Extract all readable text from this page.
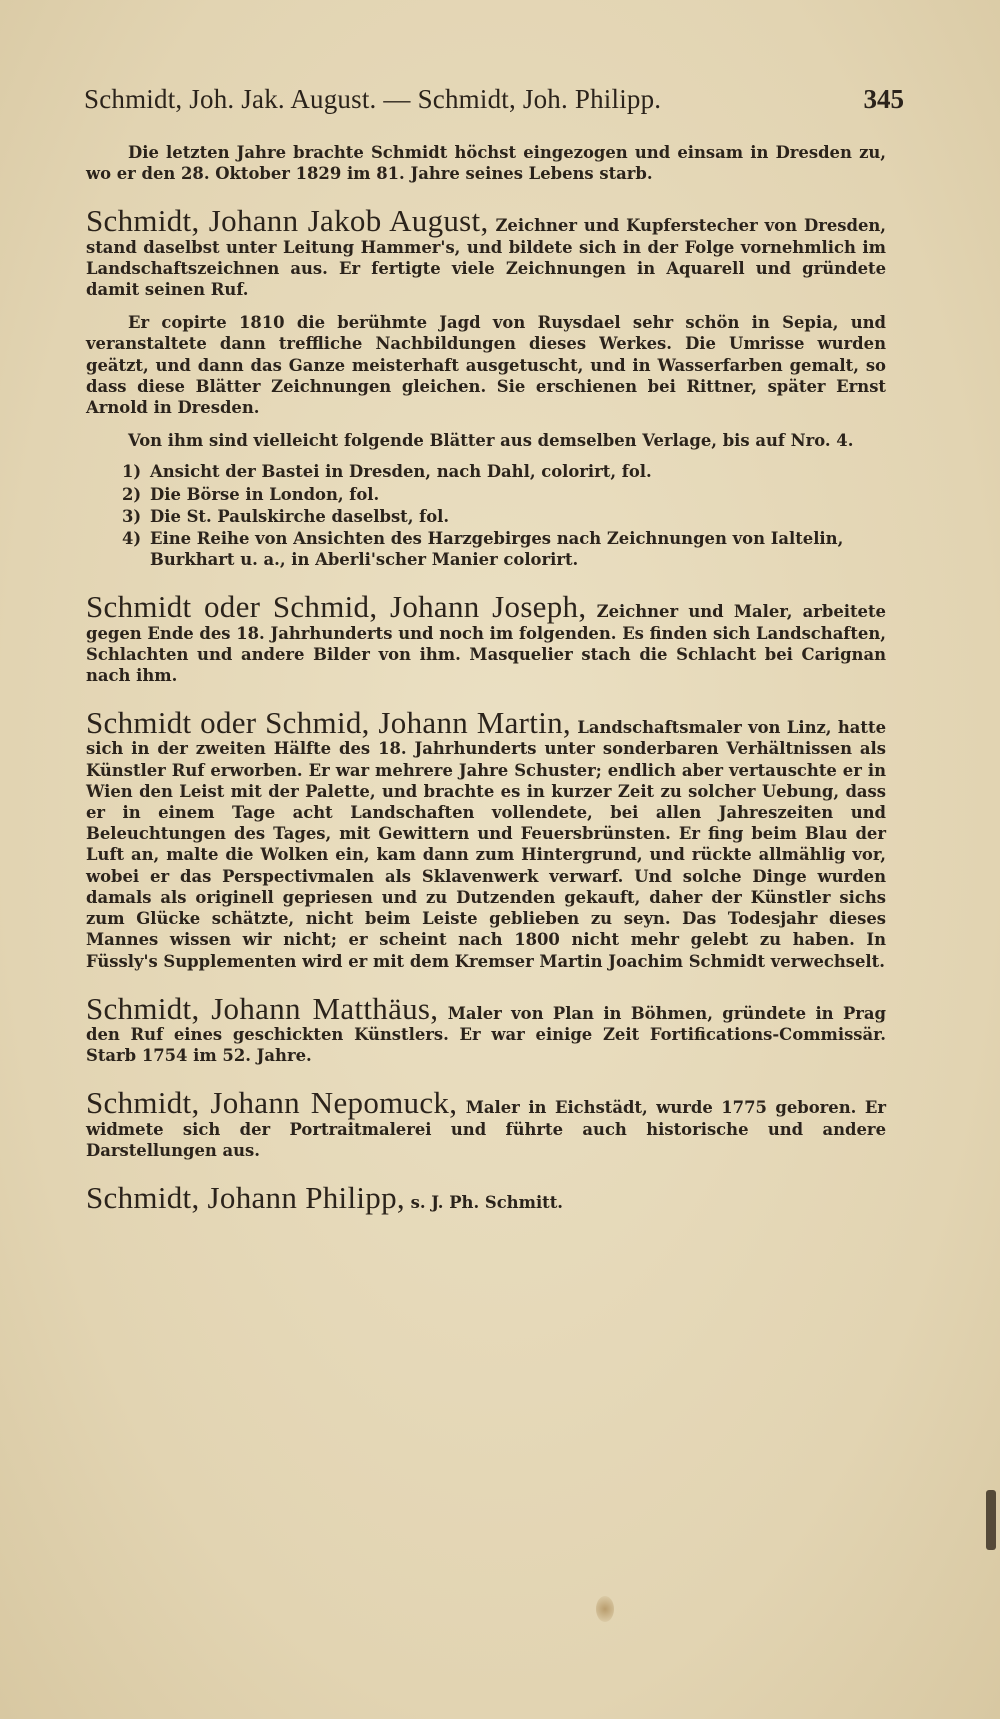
Schmidt, Joh. Jak. August. — Schmidt, Joh. Philipp.	345

Die letzten Jahre brachte Schmidt höchst eingezogen und einsam in Dresden zu, wo er den 28. Oktober 1829 im 81. Jahre seines Lebens starb.

Schmidt, Johann Jakob August, Zeichner und Kupferstecher von Dresden, stand daselbst unter Leitung Hammer's, und bildete sich in der Folge vornehmlich im Landschaftszeichnen aus. Er fertigte viele Zeichnungen in Aquarell und gründete damit seinen Ruf.

Er copirte 1810 die berühmte Jagd von Ruysdael sehr schön in Sepia, und veranstaltete dann treffliche Nachbildungen dieses Werkes. Die Umrisse wurden geätzt, und dann das Ganze meisterhaft ausgetuscht, und in Wasserfarben gemalt, so dass diese Blätter Zeichnungen gleichen. Sie erschienen bei Rittner, später Ernst Arnold in Dresden.

Von ihm sind vielleicht folgende Blätter aus demselben Verlage, bis auf Nro. 4.

1) Ansicht der Bastei in Dresden, nach Dahl, colorirt, fol.
2) Die Börse in London, fol.
3) Die St. Paulskirche daselbst, fol.
4) Eine Reihe von Ansichten des Harzgebirges nach Zeichnungen von Ialtelin, Burkhart u. a., in Aberli'scher Manier colorirt.

Schmidt oder Schmid, Johann Joseph, Zeichner und Maler, arbeitete gegen Ende des 18. Jahrhunderts und noch im folgenden. Es finden sich Landschaften, Schlachten und andere Bilder von ihm. Masquelier stach die Schlacht bei Carignan nach ihm.

Schmidt oder Schmid, Johann Martin, Landschaftsmaler von Linz, hatte sich in der zweiten Hälfte des 18. Jahrhunderts unter sonderbaren Verhältnissen als Künstler Ruf erworben. Er war mehrere Jahre Schuster; endlich aber vertauschte er in Wien den Leist mit der Palette, und brachte es in kurzer Zeit zu solcher Uebung, dass er in einem Tage acht Landschaften vollendete, bei allen Jahreszeiten und Beleuchtungen des Tages, mit Gewittern und Feuersbrünsten. Er fing beim Blau der Luft an, malte die Wolken ein, kam dann zum Hintergrund, und rückte allmählig vor, wobei er das Perspectivmalen als Sklavenwerk verwarf. Und solche Dinge wurden damals als originell gepriesen und zu Dutzenden gekauft, daher der Künstler sichs zum Glücke schätzte, nicht beim Leiste geblieben zu seyn. Das Todesjahr dieses Mannes wissen wir nicht; er scheint nach 1800 nicht mehr gelebt zu haben. In Füssly's Supplementen wird er mit dem Kremser Martin Joachim Schmidt verwechselt.

Schmidt, Johann Matthäus, Maler von Plan in Böhmen, gründete in Prag den Ruf eines geschickten Künstlers. Er war einige Zeit Fortifications-Commissär. Starb 1754 im 52. Jahre.

Schmidt, Johann Nepomuck, Maler in Eichstädt, wurde 1775 geboren. Er widmete sich der Portraitmalerei und führte auch historische und andere Darstellungen aus.

Schmidt, Johann Philipp, s. J. Ph. Schmitt.
